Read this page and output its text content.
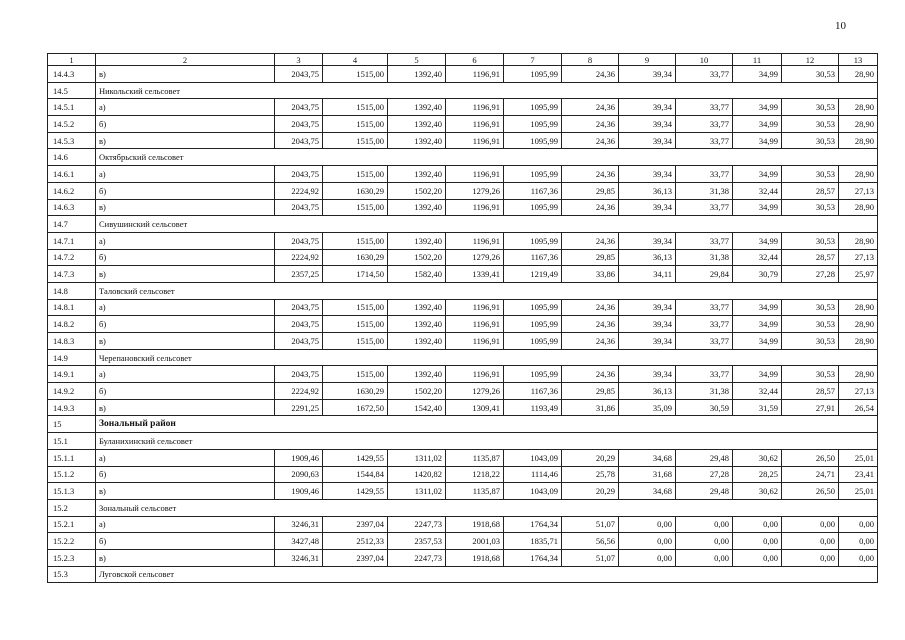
10
1	2	3	4	5	6	7	8	9	10	11	12	13
14.4.3	в)	2043,75	1515,00	1392,40	1196,91	1095,99	24,36	39,34	33,77	34,99	30,53	28,90
14.5	Никольский сельсовет											
14.5.1	а)	2043,75	1515,00	1392,40	1196,91	1095,99	24,36	39,34	33,77	34,99	30,53	28,90
14.5.2	б)	2043,75	1515,00	1392,40	1196,91	1095,99	24,36	39,34	33,77	34,99	30,53	28,90
14.5.3	в)	2043,75	1515,00	1392,40	1196,91	1095,99	24,36	39,34	33,77	34,99	30,53	28,90
14.6	Октябрьский сельсовет											
14.6.1	а)	2043,75	1515,00	1392,40	1196,91	1095,99	24,36	39,34	33,77	34,99	30,53	28,90
14.6.2	б)	2224,92	1630,29	1502,20	1279,26	1167,36	29,85	36,13	31,38	32,44	28,57	27,13
14.6.3	в)	2043,75	1515,00	1392,40	1196,91	1095,99	24,36	39,34	33,77	34,99	30,53	28,90
14.7	Сивушинский сельсовет											
14.7.1	а)	2043,75	1515,00	1392,40	1196,91	1095,99	24,36	39,34	33,77	34,99	30,53	28,90
14.7.2	б)	2224,92	1630,29	1502,20	1279,26	1167,36	29,85	36,13	31,38	32,44	28,57	27,13
14.7.3	в)	2357,25	1714,50	1582,40	1339,41	1219,49	33,86	34,11	29,84	30,79	27,28	25,97
14.8	Таловский сельсовет											
14.8.1	а)	2043,75	1515,00	1392,40	1196,91	1095,99	24,36	39,34	33,77	34,99	30,53	28,90
14.8.2	б)	2043,75	1515,00	1392,40	1196,91	1095,99	24,36	39,34	33,77	34,99	30,53	28,90
14.8.3	в)	2043,75	1515,00	1392,40	1196,91	1095,99	24,36	39,34	33,77	34,99	30,53	28,90
14.9	Черепановский сельсовет											
14.9.1	а)	2043,75	1515,00	1392,40	1196,91	1095,99	24,36	39,34	33,77	34,99	30,53	28,90
14.9.2	б)	2224,92	1630,29	1502,20	1279,26	1167,36	29,85	36,13	31,38	32,44	28,57	27,13
14.9.3	в)	2291,25	1672,50	1542,40	1309,41	1193,49	31,86	35,09	30,59	31,59	27,91	26,54
15	Зональный район											
15.1	Буланихинский сельсовет											
15.1.1	а)	1909,46	1429,55	1311,02	1135,87	1043,09	20,29	34,68	29,48	30,62	26,50	25,01
15.1.2	б)	2090,63	1544,84	1420,82	1218,22	1114,46	25,78	31,68	27,28	28,25	24,71	23,41
15.1.3	в)	1909,46	1429,55	1311,02	1135,87	1043,09	20,29	34,68	29,48	30,62	26,50	25,01
15.2	Зональный сельсовет											
15.2.1	а)	3246,31	2397,04	2247,73	1918,68	1764,34	51,07	0,00	0,00	0,00	0,00	0,00
15.2.2	б)	3427,48	2512,33	2357,53	2001,03	1835,71	56,56	0,00	0,00	0,00	0,00	0,00
15.2.3	в)	3246,31	2397,04	2247,73	1918,68	1764,34	51,07	0,00	0,00	0,00	0,00	0,00
15.3	Луговской сельсовет											
